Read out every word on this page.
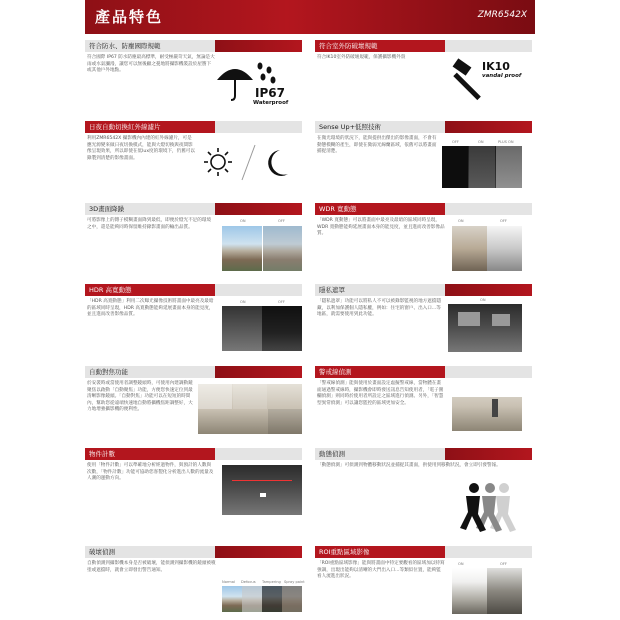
產品特色	ZMR6542X
符合防水、防塵國際規範
符合國際 IP67 防水防塵最高標準，耐受極嚴苛天氣，無論是大雨或水氣瀰漫，讓您可以無後顧之憂地將攝影機裝設於屋簷下或其他戶外地點。
IP67
Waterproof
符合室外防破壞規範
符合IK10室外防破壞規範，保護攝影機外殼
IK10
vandal proof
日夜自動切換紅外線濾片
利用ZMR6542X 攝影機內內建的紅外線濾片，可是應光源變來做日夜切換模式，能與大燈切換與夜間影像呈現效果，所以即使在低lux度的環境下，仍舊可以錄製到清楚的影像畫面。
Sense Up+低照技術
在微光環境的狀況下，能與提供出傑出的影像畫面，不會有動態模糊的產生，即使在微弱光線蘭區域，依舊可以將畫面捕捉清楚。
OFF	ON	PLUS ON
3D畫面降躁
可將影像上的雜子模糊畫面降到最低，即便於燈光不足的環境之中，還是能夠同時保留維持錄影畫面的輸出品質。
ON	OFF
WDR 寬動態
「WDR 寬動態」可以將畫面中最亮及最暗的區域同時呈現，WDR 寬動態能夠延展畫面本身的能見度，並且進而改善影像品質。
ON	OFF
HDR 高寬動態
「HDR 高寬動態」利用二次曝光攝像技術將畫面中最亮及最暗的區域同時呈現，HDR 高寬動態能夠延展畫面本身的能見度，並且進而改善影像品質。
ON	OFF
隱私遮罩
「隱私遮罩」功能可以將私人不可以被錄影監視的地方遮擋隱藏，以利加保護個人隱私權，例如：住宅的窗戶、出入口...等地區，就需要使用到此功能。
ON
自動對焦功能
於安裝時或當使用者調整鏡頭時，可使用內建調動鏡聚焦以啟動「自動聚焦」功能，方便您快速定位到最清晰影像鏡頭。「自動對焦」功能可以在短短的時間內，幫助您從遠端快速地自動將攝機焦距調整好，大力地增強攝影機的便利性。
警戒線偵測
「警戒線偵測」能與使用於畫面設定虛擬警戒線，當物體在畫面通過警戒線時，攝影機會即時發送訊息告知使用者，「電子圍欄偵測」則同時於使用者所設定之區域進行偵測。另外，「智慧型異常偵測」可以讓您監控的區域更加安全。
物件計數
使用「物件計數」可以準確地分析經過物件，與預計的人數與次數，「物件計數」功能可協助您客製化分析進出人數的流量及人潮的運動方向。
動態偵測
「動態偵測」可偵測到物體移動狀況並捕捉其畫面，供使用到移動狀況，會立即引發警報。
破壞偵測
自動偵測到攝影機本身是否被破壞，能偵測到攝影機的鏡頭被噴塗或遮擋時，就會立即發出警告通知。
Normal Defocus Tampering Spray paint
ROI重點區域影像
「ROI重點區域影像」能與將畫面中特定要觀看的區域加以特寫強調，出現出能夠以清晰的大門出入口...等類似位置，能夠監看人流進出狀況。
ON	OFF
